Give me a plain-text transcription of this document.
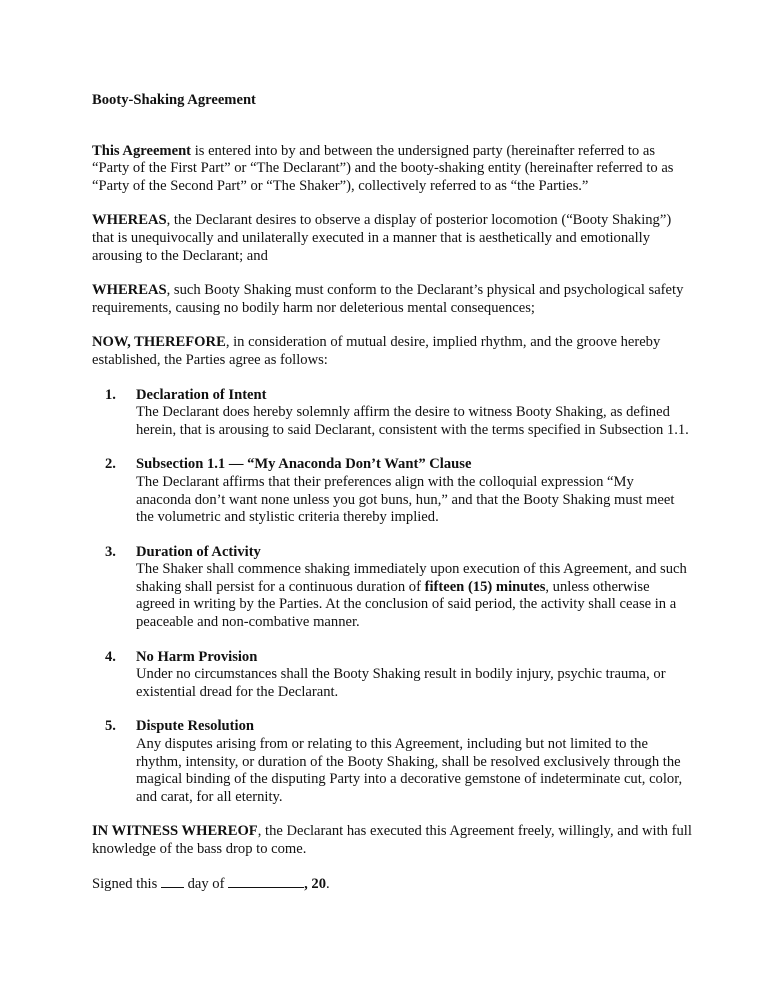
Booty-Shaking Agreement

This Agreement is entered into by and between the undersigned party (hereinafter referred to as “Party of the First Part” or “The Declarant”) and the booty-shaking entity (hereinafter referred to as “Party of the Second Part” or “The Shaker”), collectively referred to as “the Parties.”

WHEREAS, the Declarant desires to observe a display of posterior locomotion (“Booty Shaking”) that is unequivocally and unilaterally executed in a manner that is aesthetically and emotionally arousing to the Declarant; and

WHEREAS, such Booty Shaking must conform to the Declarant’s physical and psychological safety requirements, causing no bodily harm nor deleterious mental consequences;

NOW, THEREFORE, in consideration of mutual desire, implied rhythm, and the groove hereby established, the Parties agree as follows:

1. Declaration of Intent
The Declarant does hereby solemnly affirm the desire to witness Booty Shaking, as defined herein, that is arousing to said Declarant, consistent with the terms specified in Subsection 1.1.
2. Subsection 1.1 — “My Anaconda Don’t Want” Clause
The Declarant affirms that their preferences align with the colloquial expression “My anaconda don’t want none unless you got buns, hun,” and that the Booty Shaking must meet the volumetric and stylistic criteria thereby implied.
3. Duration of Activity
The Shaker shall commence shaking immediately upon execution of this Agreement, and such shaking shall persist for a continuous duration of fifteen (15) minutes, unless otherwise agreed in writing by the Parties. At the conclusion of said period, the activity shall cease in a peaceable and non-combative manner.
4. No Harm Provision
Under no circumstances shall the Booty Shaking result in bodily injury, psychic trauma, or existential dread for the Declarant.
5. Dispute Resolution
Any disputes arising from or relating to this Agreement, including but not limited to the rhythm, intensity, or duration of the Booty Shaking, shall be resolved exclusively through the magical binding of the disputing Party into a decorative gemstone of indeterminate cut, color, and carat, for all eternity.

IN WITNESS WHEREOF, the Declarant has executed this Agreement freely, willingly, and with full knowledge of the bass drop to come.

Signed this  day of	, 20.
